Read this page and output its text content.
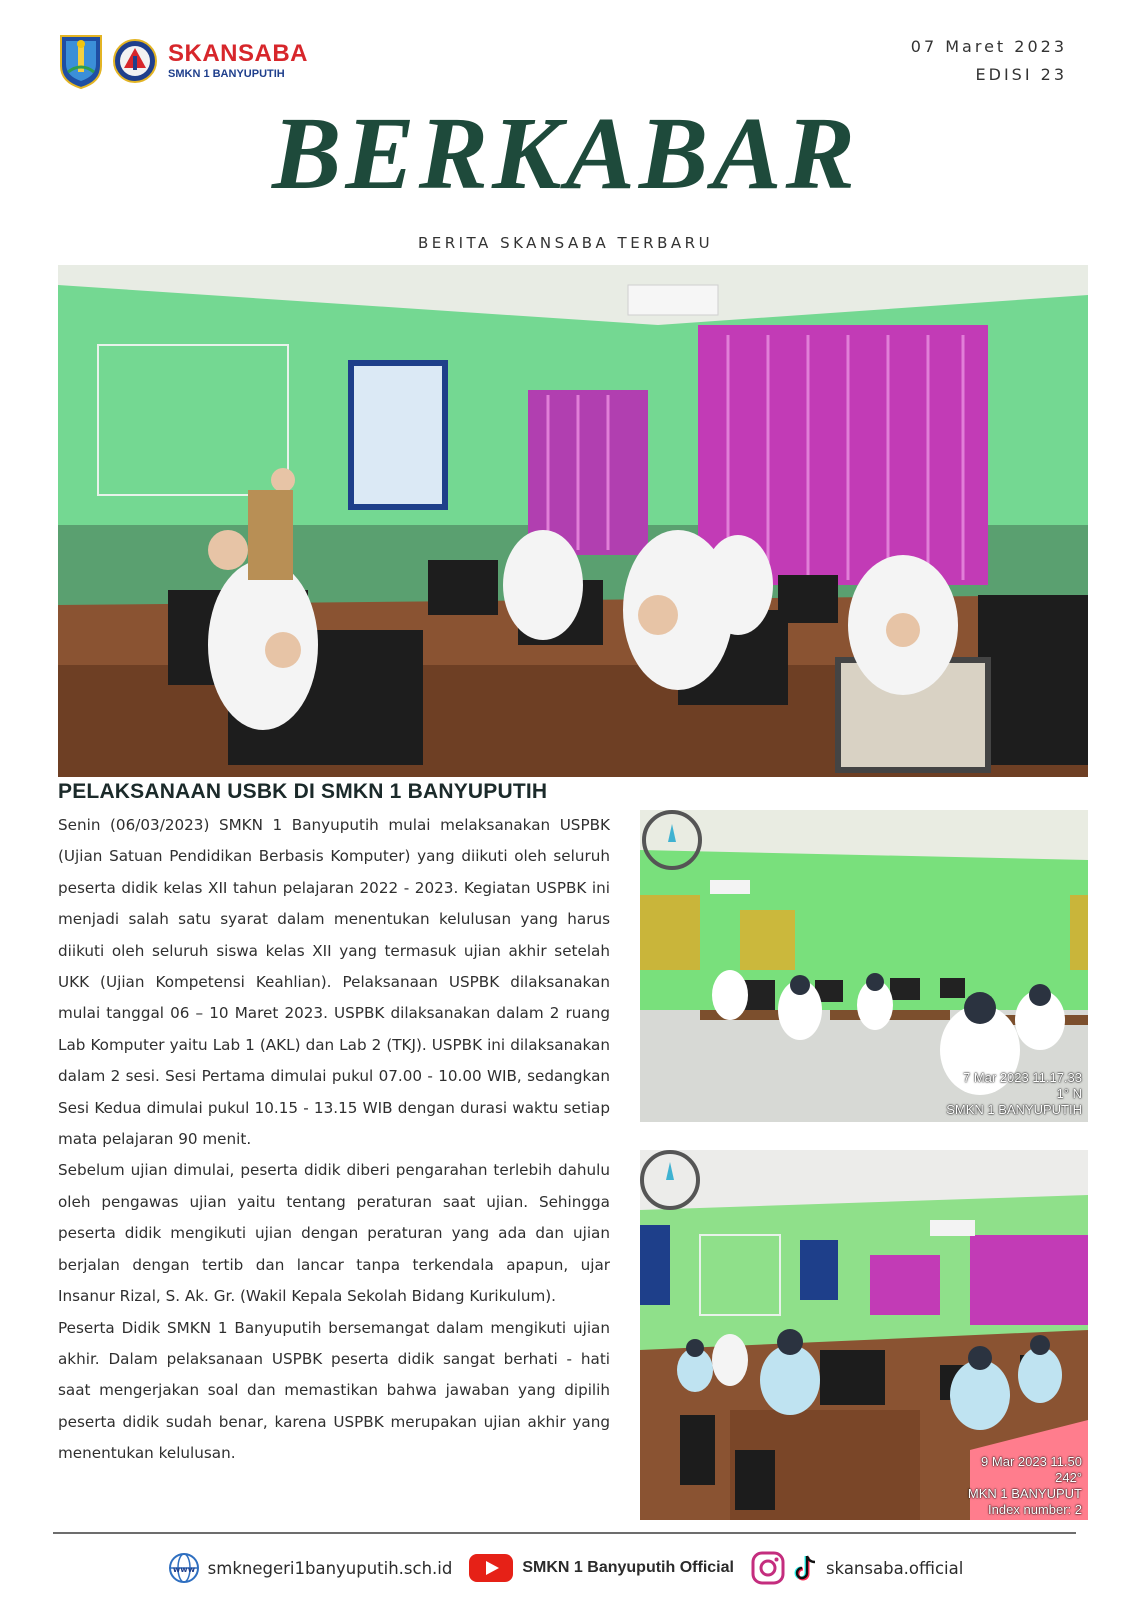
SKANSABA
SMKN 1 BANYUPUTIH
07 Maret 2023
EDISI 23
BERKABAR
BERITA SKANSABA TERBARU
PELAKSANAAN USBK DI SMKN 1 BANYUPUTIH

Senin (06/03/2023) SMKN 1 Banyuputih mulai melaksanakan USPBK (Ujian Satuan Pendidikan Berbasis Komputer) yang diikuti oleh seluruh peserta didik kelas XII tahun pelajaran 2022 - 2023. Kegiatan USPBK ini menjadi salah satu syarat dalam menentukan kelulusan yang harus diikuti oleh seluruh siswa kelas XII yang termasuk ujian akhir setelah UKK (Ujian Kompetensi Keahlian). Pelaksanaan USPBK dilaksanakan mulai tanggal 06 – 10 Maret 2023. USPBK dilaksanakan dalam 2 ruang Lab Komputer yaitu Lab 1 (AKL) dan Lab 2 (TKJ). USPBK ini dilaksanakan dalam 2 sesi. Sesi Pertama dimulai pukul 07.00 - 10.00 WIB, sedangkan Sesi Kedua dimulai pukul 10.15 - 13.15 WIB dengan durasi waktu setiap mata pelajaran 90 menit.

Sebelum ujian dimulai, peserta didik diberi pengarahan terlebih dahulu oleh pengawas ujian yaitu tentang peraturan saat ujian. Sehingga peserta didik mengikuti ujian dengan peraturan yang ada dan ujian berjalan dengan tertib dan lancar tanpa terkendala apapun, ujar Insanur Rizal, S. Ak. Gr. (Wakil Kepala Sekolah Bidang Kurikulum).

Peserta Didik SMKN 1 Banyuputih bersemangat dalam mengikuti ujian akhir. Dalam pelaksanaan USPBK peserta didik sangat berhati - hati saat mengerjakan soal dan memastikan bahwa jawaban yang dipilih peserta didik sudah benar, karena USPBK merupakan ujian akhir yang menentukan kelulusan.

7 Mar 2023 11.17.33
1° N
SMKN 1 BANYUPUTIH
9 Mar 2023 11.50
242°
MKN 1 BANYUPUT
Index number: 2
www smknegeri1banyuputih.sch.id	SMKN 1 Banyuputih Official	skansaba.official
